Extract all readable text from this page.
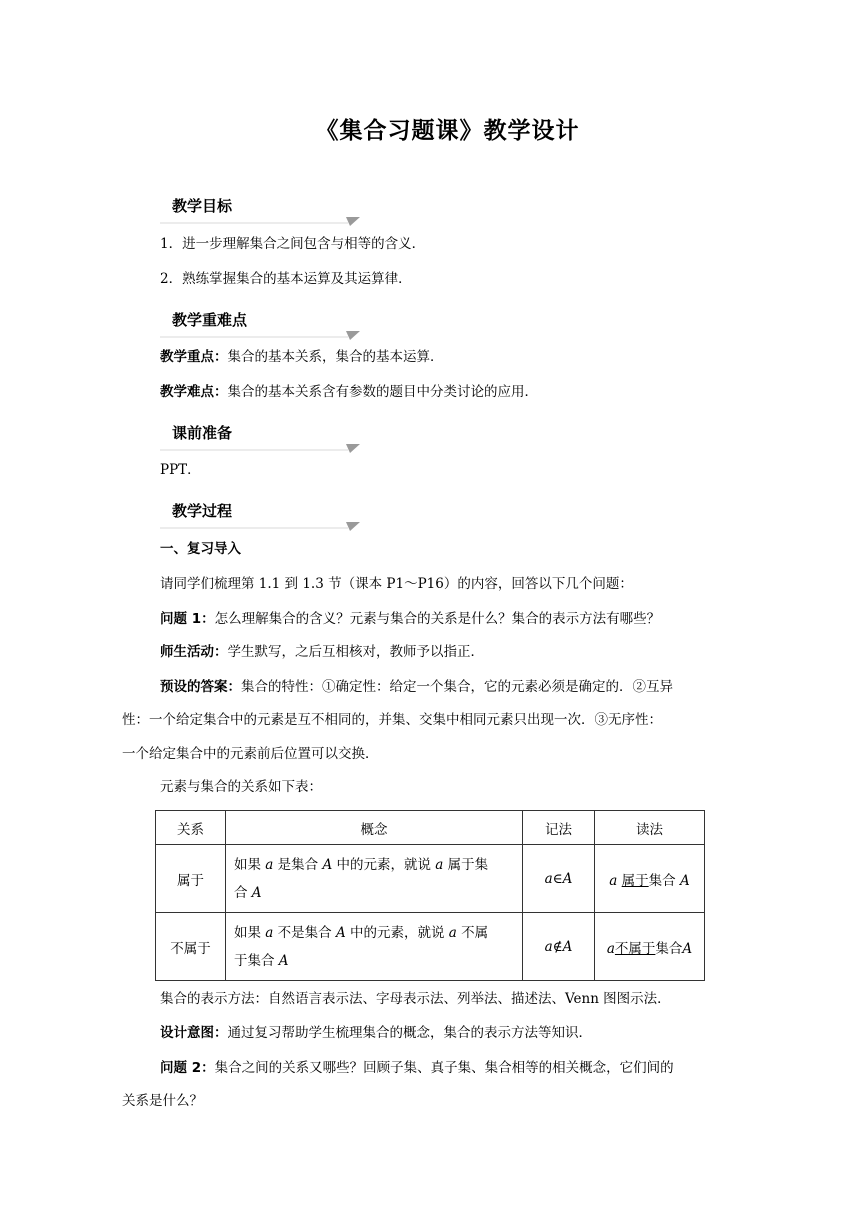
《集合习题课》教学设计
教学目标
1．进一步理解集合之间包含与相等的含义．
2．熟练掌握集合的基本运算及其运算律．
教学重难点
教学重点：集合的基本关系，集合的基本运算．
教学难点：集合的基本关系含有参数的题目中分类讨论的应用．
课前准备
PPT．
教学过程
一、复习导入
请同学们梳理第 1.1 到 1.3 节（课本 P1～P16）的内容，回答以下几个问题：
问题 1：怎么理解集合的含义？元素与集合的关系是什么？集合的表示方法有哪些？
师生活动：学生默写，之后互相核对，教师予以指正．
预设的答案：集合的特性：①确定性：给定一个集合，它的元素必须是确定的．②互异
性：一个给定集合中的元素是互不相同的，并集、交集中相同元素只出现一次．③无序性：
一个给定集合中的元素前后位置可以交换．
元素与集合的关系如下表：
关系	概念	记法	读法
属于	如果 a 是集合 A 中的元素，就说 a 属于集
合 A	a∈A	a 属于集合 A
不属于	如果 a 不是集合 A 中的元素，就说 a 不属
于集合 A	a∉A	a不属于集合A
集合的表示方法：自然语言表示法、字母表示法、列举法、描述法、Venn 图图示法．
设计意图：通过复习帮助学生梳理集合的概念，集合的表示方法等知识．
问题 2：集合之间的关系又哪些？回顾子集、真子集、集合相等的相关概念，它们间的
关系是什么？
